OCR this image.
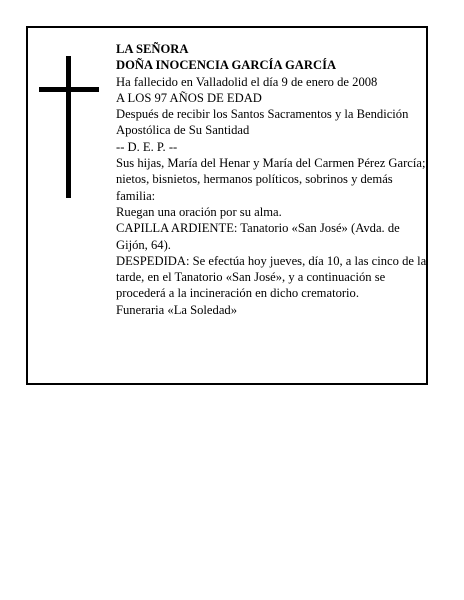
LA SEÑORA

DOÑA INOCENCIA GARCÍA GARCÍA

Ha fallecido en Valladolid el día 9 de enero de 2008

A LOS 97 AÑOS DE EDAD

Después de recibir los Santos Sacramentos y la Bendición Apostólica de Su Santidad

-- D. E. P. --

Sus hijas, María del Henar y María del Carmen Pérez García; nietos, bisnietos, hermanos políticos, sobrinos y demás familia:

Ruegan una oración por su alma.

CAPILLA ARDIENTE: Tanatorio «San José» (Avda. de Gijón, 64).

DESPEDIDA: Se efectúa hoy jueves, día 10, a las cinco de la tarde, en el Tanatorio «San José», y a continuación se procederá a la incineración en dicho crematorio.

Funeraria «La Soledad»
